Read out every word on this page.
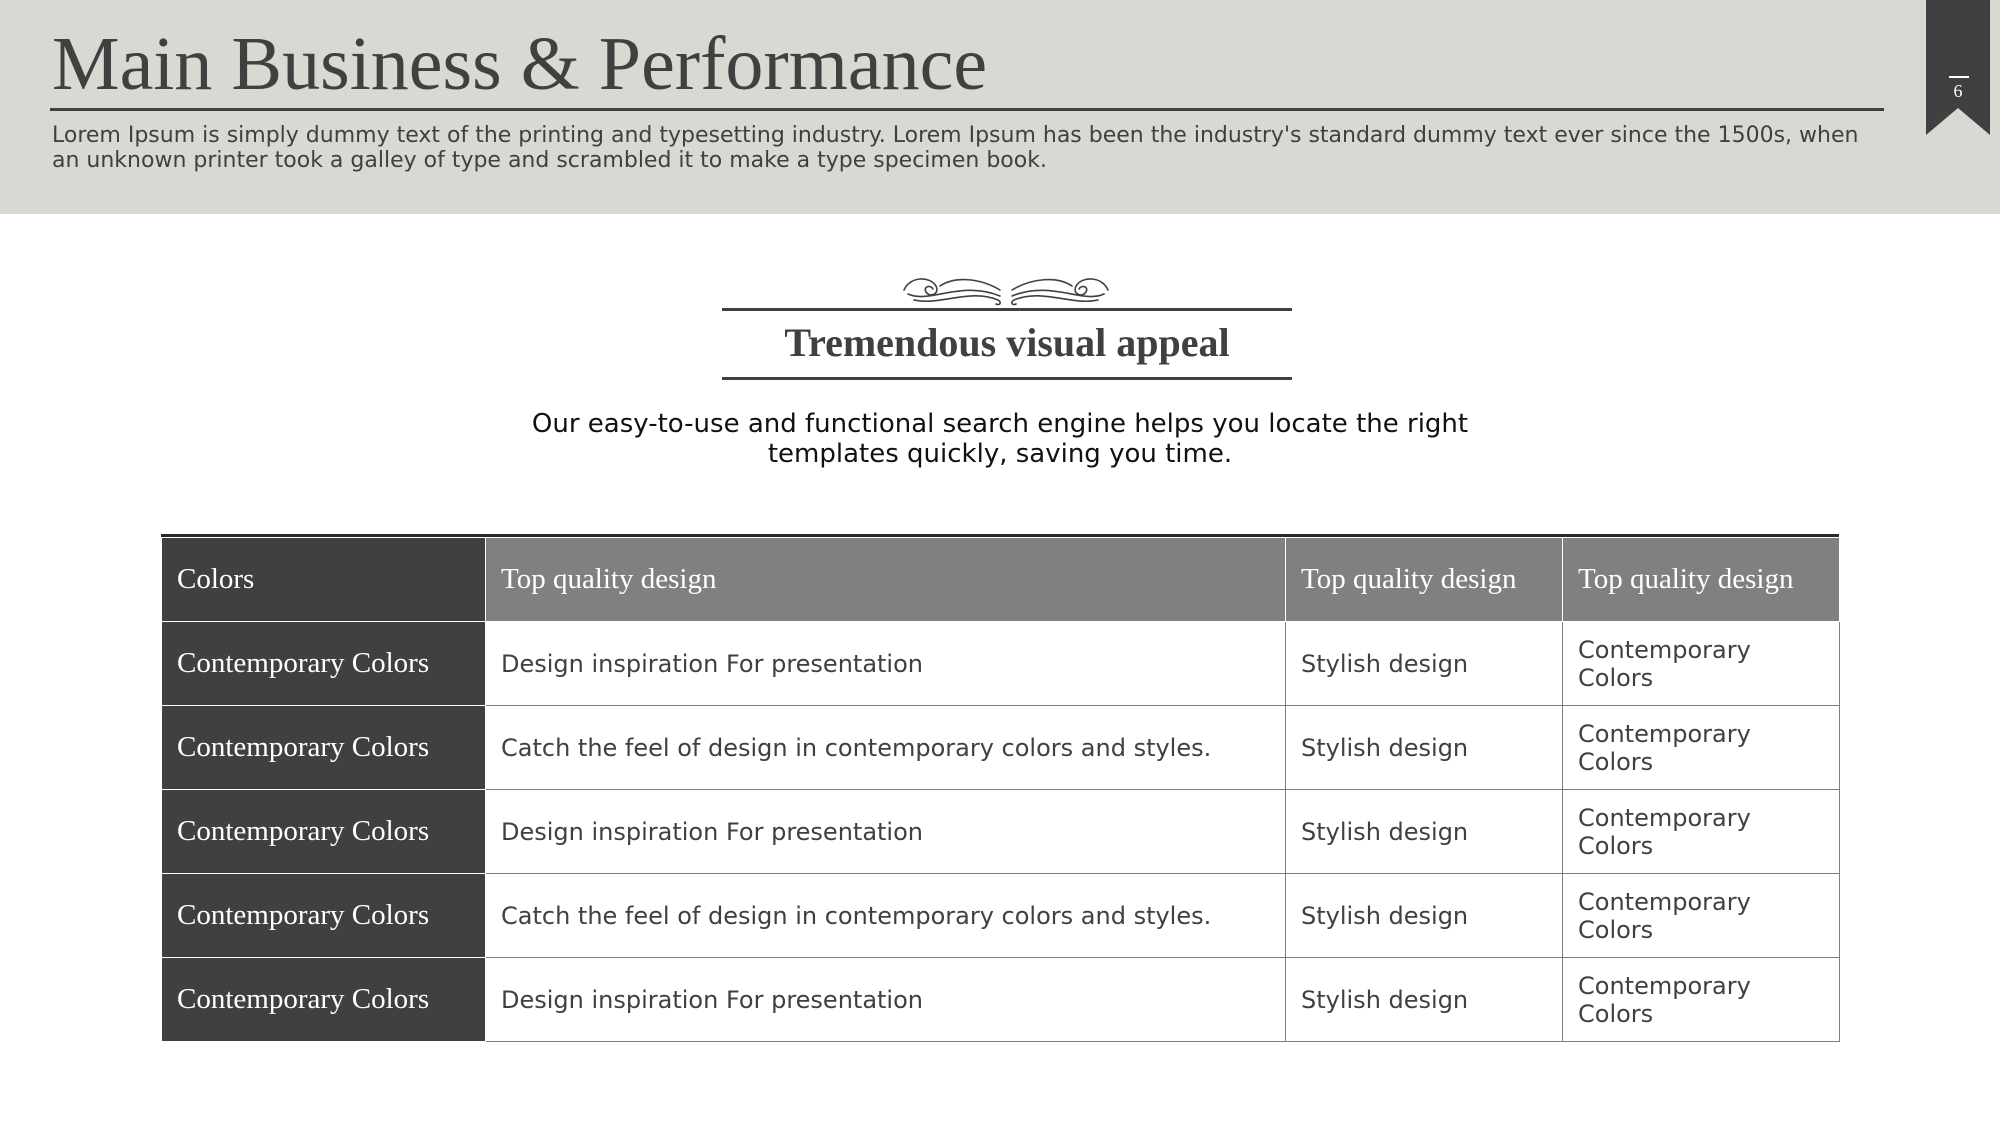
Main Business & Performance

Lorem Ipsum is simply dummy text of the printing and typesetting industry. Lorem Ipsum has been the industry's standard dummy text ever since the 1500s, when an unknown printer took a galley of type and scrambled it to make a type specimen book.

6
Tremendous visual appeal

Our easy-to-use and functional search engine helps you locate the right templates quickly, saving you time.

Colors	Top quality design	Top quality design	Top quality design
Contemporary Colors	Design inspiration For presentation	Stylish design	Contemporary Colors
Contemporary Colors	Catch the feel of design in contemporary colors and styles.	Stylish design	Contemporary Colors
Contemporary Colors	Design inspiration For presentation	Stylish design	Contemporary Colors
Contemporary Colors	Catch the feel of design in contemporary colors and styles.	Stylish design	Contemporary Colors
Contemporary Colors	Design inspiration For presentation	Stylish design	Contemporary Colors
